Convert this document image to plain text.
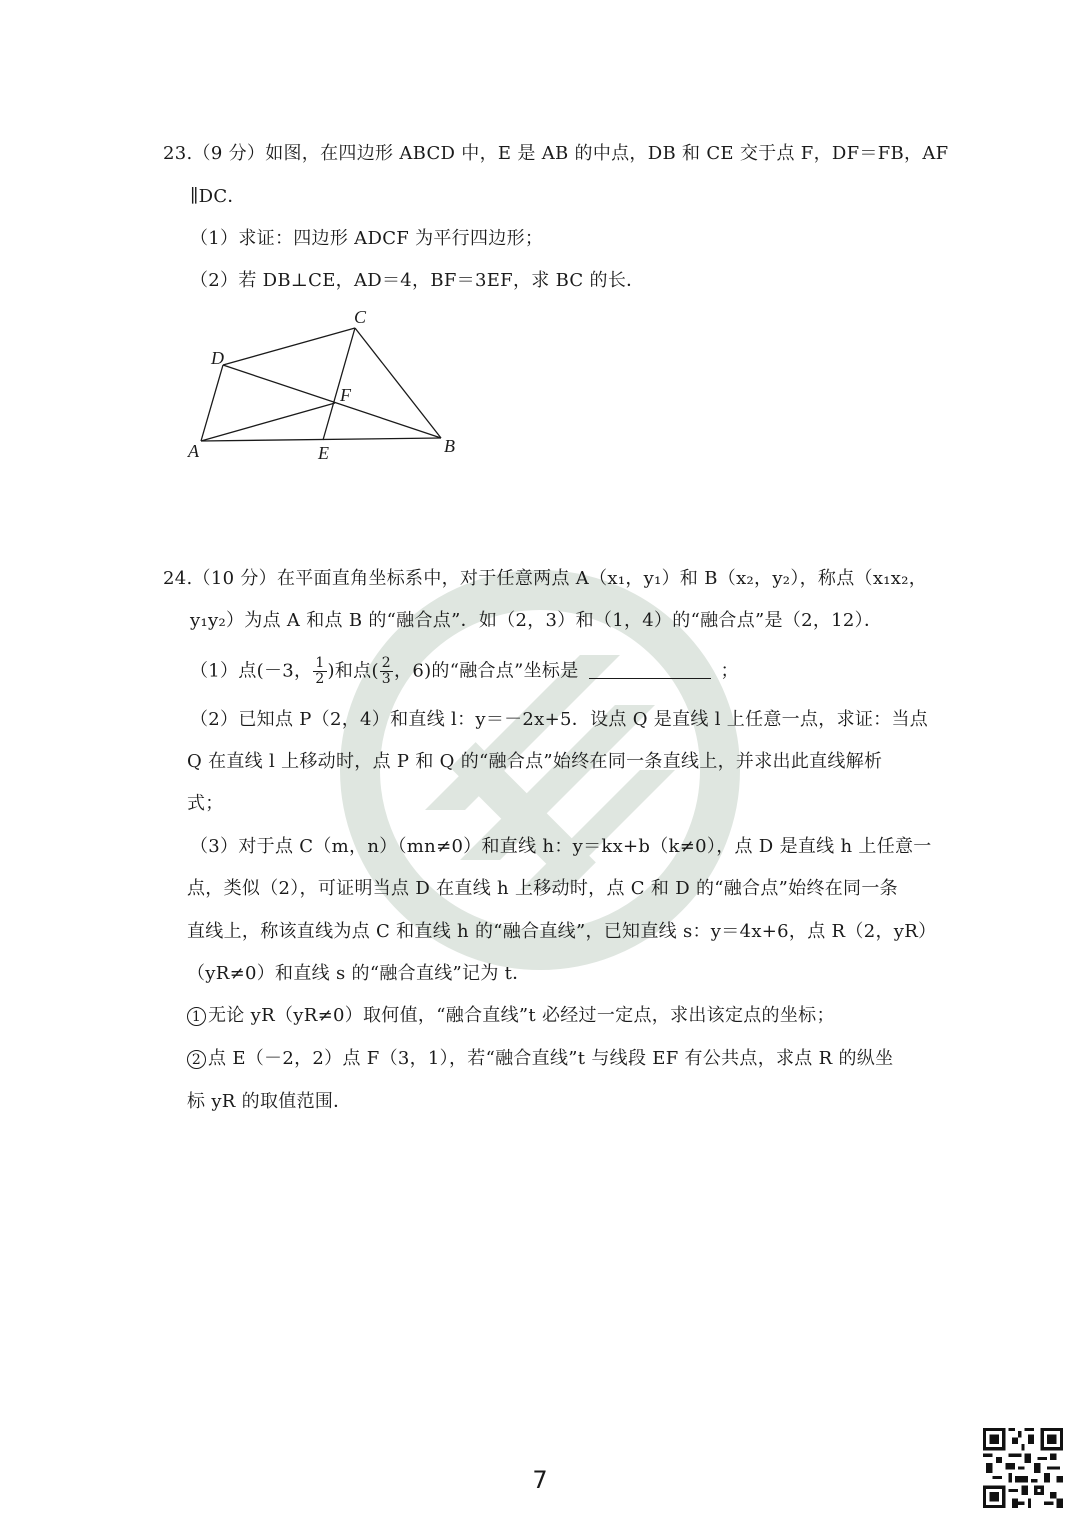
23.（9 分）如图，在四边形 ABCD 中，E 是 AB 的中点，DB 和 CE 交于点 F，DF＝FB，AF
∥DC．
（1）求证：四边形 ADCF 为平行四边形；
（2）若 DB⊥CE，AD＝4，BF＝3EF，求 BC 的长．
A	B
C
D
E
F
24.（10 分）在平面直角坐标系中，对于任意两点 A（x₁，y₁）和 B（x₂，y₂），称点（x₁x₂，
y₁y₂）为点 A 和点 B 的“融合点”．如（2，3）和（1，4）的“融合点”是（2，12）．
（1）点(－3， $\frac{1}{2}$ )和点( $\frac{2}{3}$ ，6)的“融合点”坐标是	；
（2）已知点 P（2，4）和直线 l：y＝－2x+5．设点 Q 是直线 l 上任意一点，求证：当点
Q 在直线 l 上移动时，点 P 和 Q 的“融合点”始终在同一条直线上，并求出此直线解析
式；
（3）对于点 C（m，n）（mn≠0）和直线 h：y＝kx+b（k≠0），点 D 是直线 h 上任意一
点，类似（2），可证明当点 D 在直线 h 上移动时，点 C 和 D 的“融合点”始终在同一条
直线上，称该直线为点 C 和直线 h 的“融合直线”，已知直线 s：y＝4x+6，点 R（2，yR）
（yR≠0）和直线 s 的“融合直线”记为 t．
1 无论 yR（yR≠0）取何值，“融合直线”t 必经过一定点，求出该定点的坐标；
2 点 E（－2，2）点 F（3，1），若“融合直线”t 与线段 EF 有公共点，求点 R 的纵坐
标 yR 的取值范围．
7
